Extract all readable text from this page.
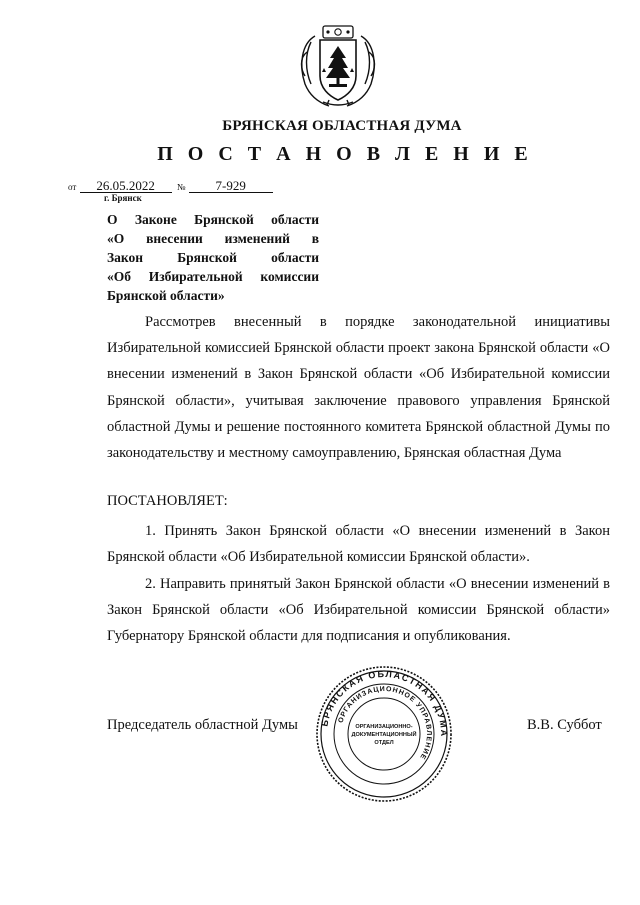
БРЯНСКАЯ ОБЛАСТНАЯ ДУМА
П О С Т А Н О В Л Е Н И Е
от 26.05.2022 № 7-929
г. Брянск
О Законе Брянской области
«О внесении изменений в
Закон Брянской области
«Об Избирательной комиссии
Брянской области»

Рассмотрев внесенный в порядке законодательной инициативы Избирательной комиссией Брянской области проект закона Брянской области «О внесении изменений в Закон Брянской области «Об Избирательной комиссии Брянской области», учитывая заключение правового управления Брянской областной Думы и решение постоянного комитета Брянской областной Думы по законодательству и местному самоуправлению, Брянская областная Дума

ПОСТАНОВЛЯЕТ:

1. Принять Закон Брянской области «О внесении изменений в Закон Брянской области «Об Избирательной комиссии Брянской области».

2. Направить принятый Закон Брянской области «О внесении изменений в Закон Брянской области «Об Избирательной комиссии Брянской области» Губернатору Брянской области для подписания и опубликования.

Председатель областной Думы	В.В. Суббот
БРЯНСКАЯ ОБЛАСТНАЯ ДУМА
ОРГАНИЗАЦИОННОЕ УПРАВЛЕНИЕ
ОРГАНИЗАЦИОННО-
ДОКУМЕНТАЦИОННЫЙ
ОТДЕЛ
